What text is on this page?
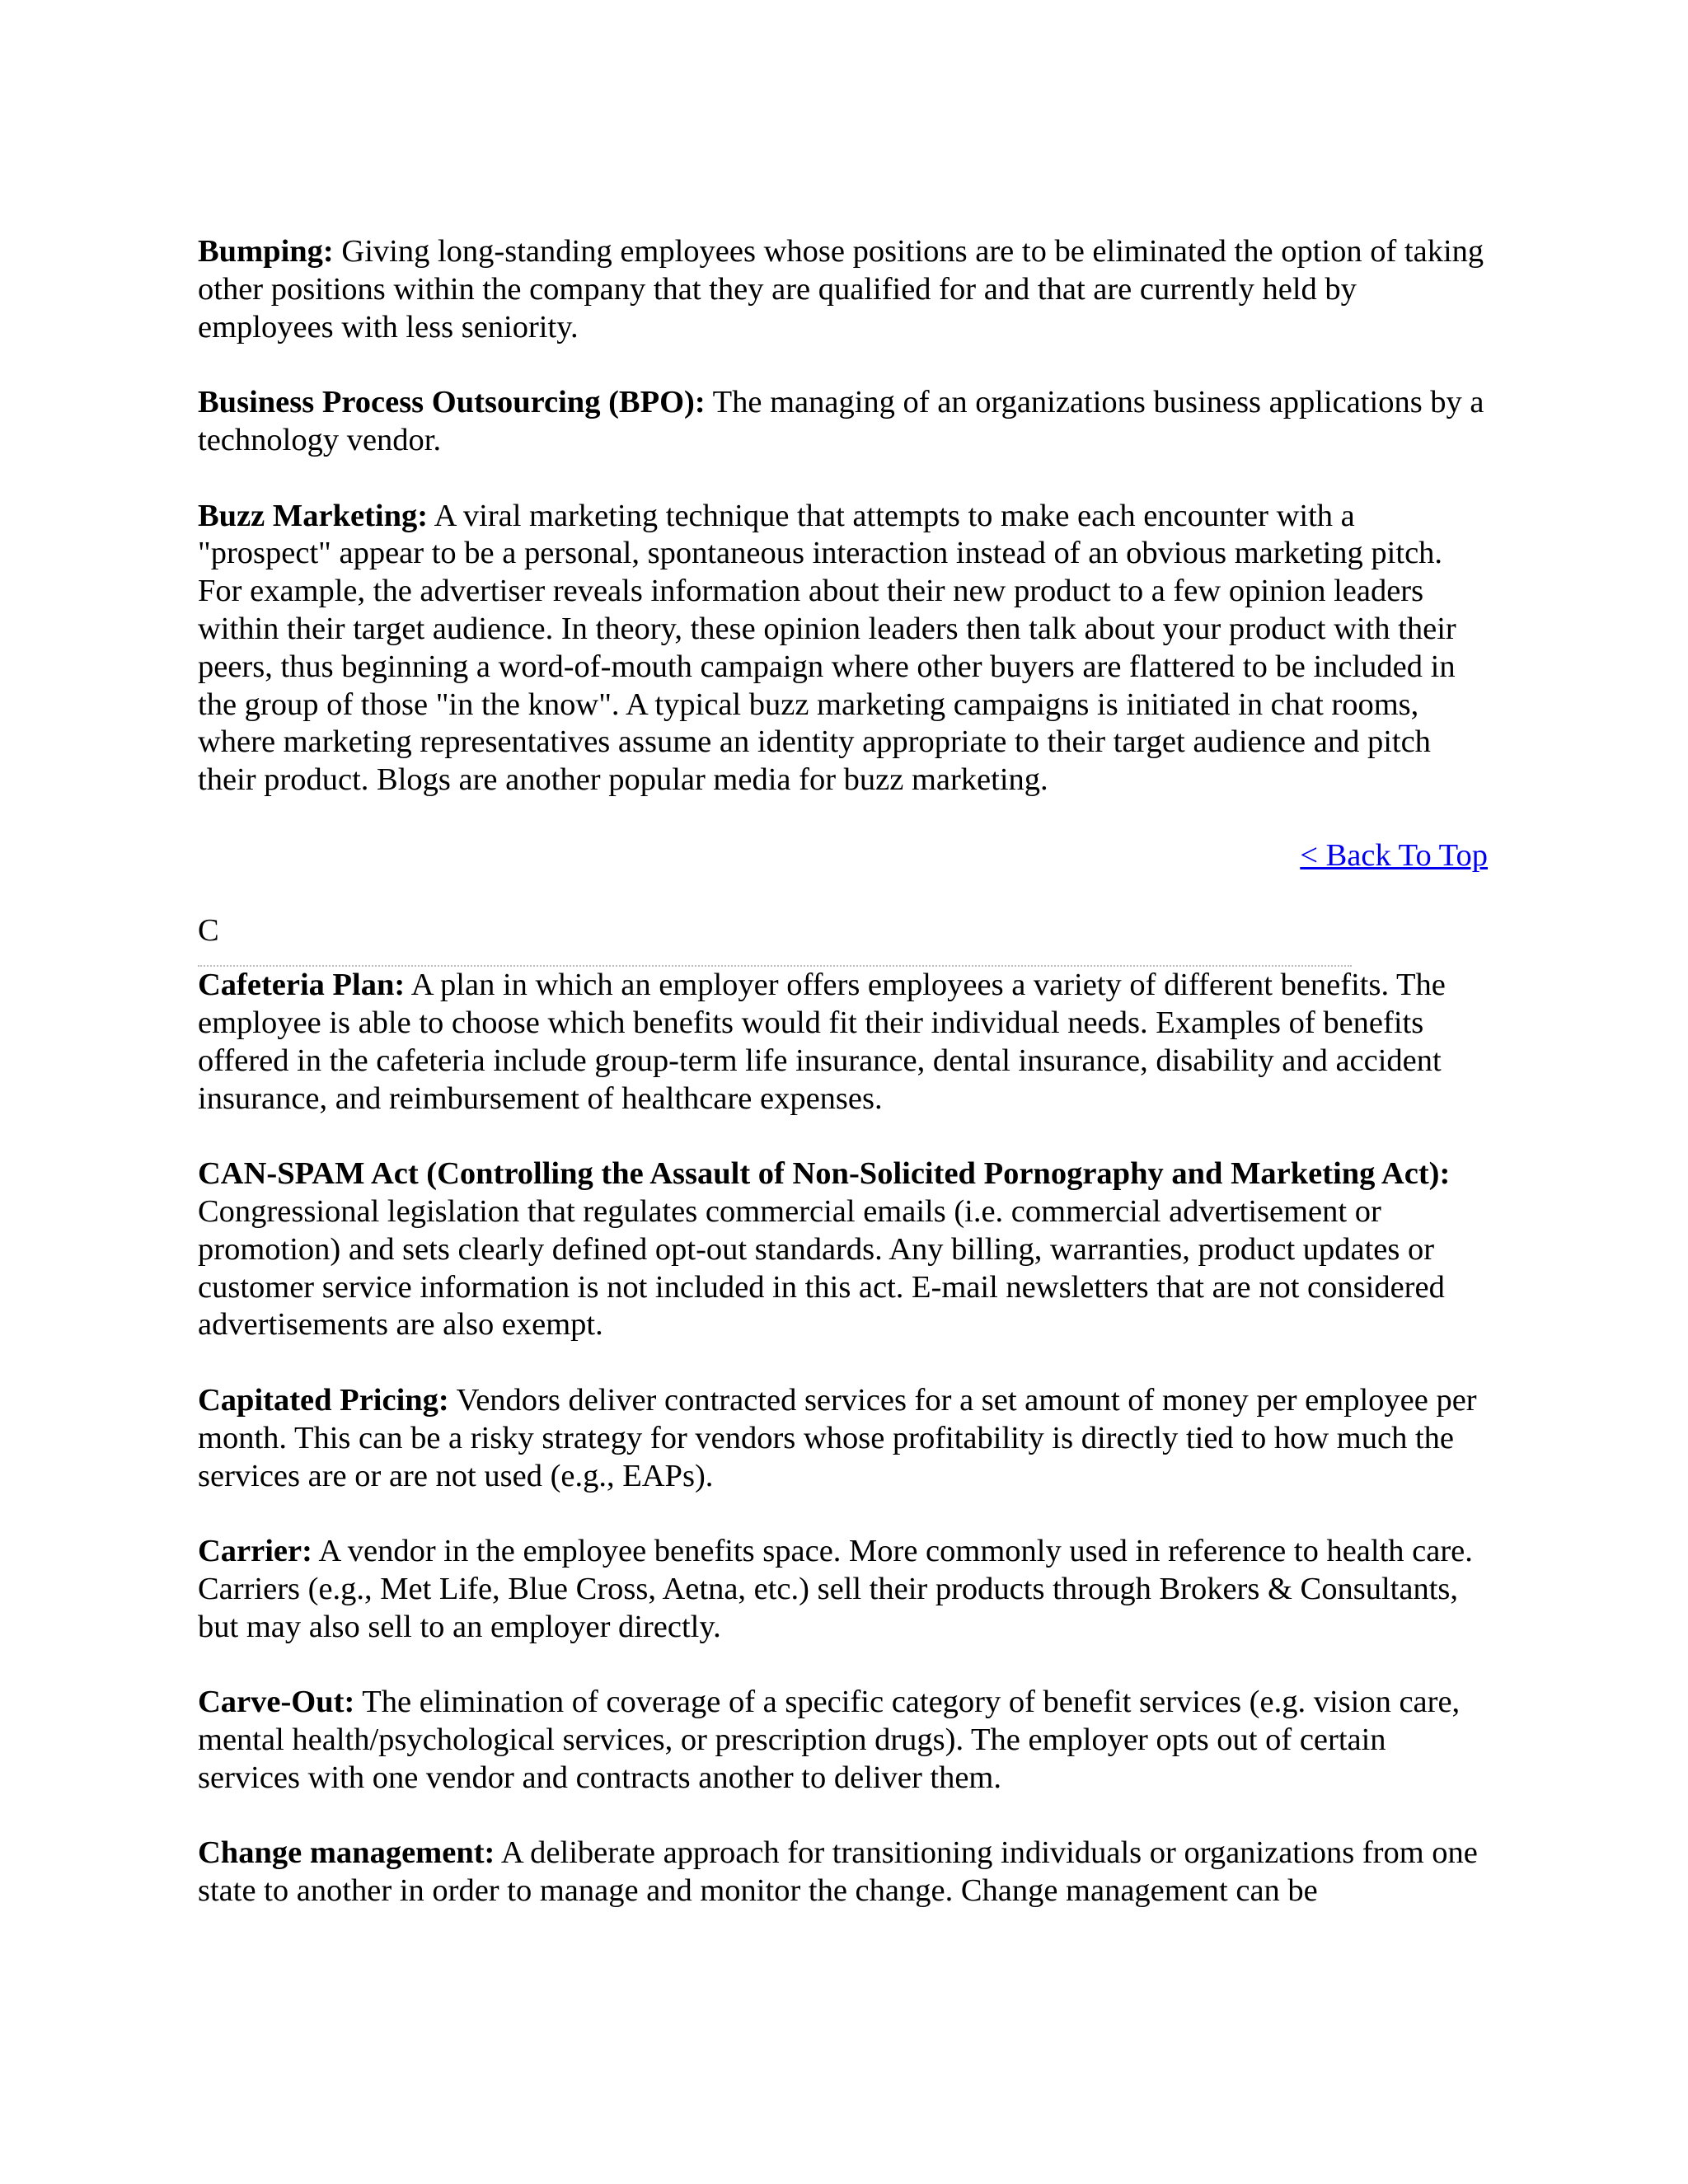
Bumping: Giving long-standing employees whose positions are to be eliminated the option of taking other positions within the company that they are qualified for and that are currently held by employees with less seniority.

Business Process Outsourcing (BPO): The managing of an organizations business applications by a technology vendor.

Buzz Marketing: A viral marketing technique that attempts to make each encounter with a "prospect" appear to be a personal, spontaneous interaction instead of an obvious marketing pitch. For example, the advertiser reveals information about their new product to a few opinion leaders within their target audience. In theory, these opinion leaders then talk about your product with their peers, thus beginning a word-of-mouth campaign where other buyers are flattered to be included in the group of those "in the know". A typical buzz marketing campaigns is initiated in chat rooms, where marketing representatives assume an identity appropriate to their target audience and pitch their product. Blogs are another popular media for buzz marketing.

< Back To Top
C

Cafeteria Plan: A plan in which an employer offers employees a variety of different benefits. The employee is able to choose which benefits would fit their individual needs. Examples of benefits offered in the cafeteria include group-term life insurance, dental insurance, disability and accident insurance, and reimbursement of healthcare expenses.

CAN-SPAM Act (Controlling the Assault of Non-Solicited Pornography and Marketing Act): Congressional legislation that regulates commercial emails (i.e. commercial advertisement or promotion) and sets clearly defined opt-out standards. Any billing, warranties, product updates or customer service information is not included in this act. E-mail newsletters that are not considered advertisements are also exempt.

Capitated Pricing: Vendors deliver contracted services for a set amount of money per employee per month. This can be a risky strategy for vendors whose profitability is directly tied to how much the services are or are not used (e.g., EAPs).

Carrier: A vendor in the employee benefits space. More commonly used in reference to health care. Carriers (e.g., Met Life, Blue Cross, Aetna, etc.) sell their products through Brokers & Consultants, but may also sell to an employer directly.

Carve-Out: The elimination of coverage of a specific category of benefit services (e.g. vision care, mental health/psychological services, or prescription drugs). The employer opts out of certain services with one vendor and contracts another to deliver them.

Change management: A deliberate approach for transitioning individuals or organizations from one state to another in order to manage and monitor the change. Change management can be
